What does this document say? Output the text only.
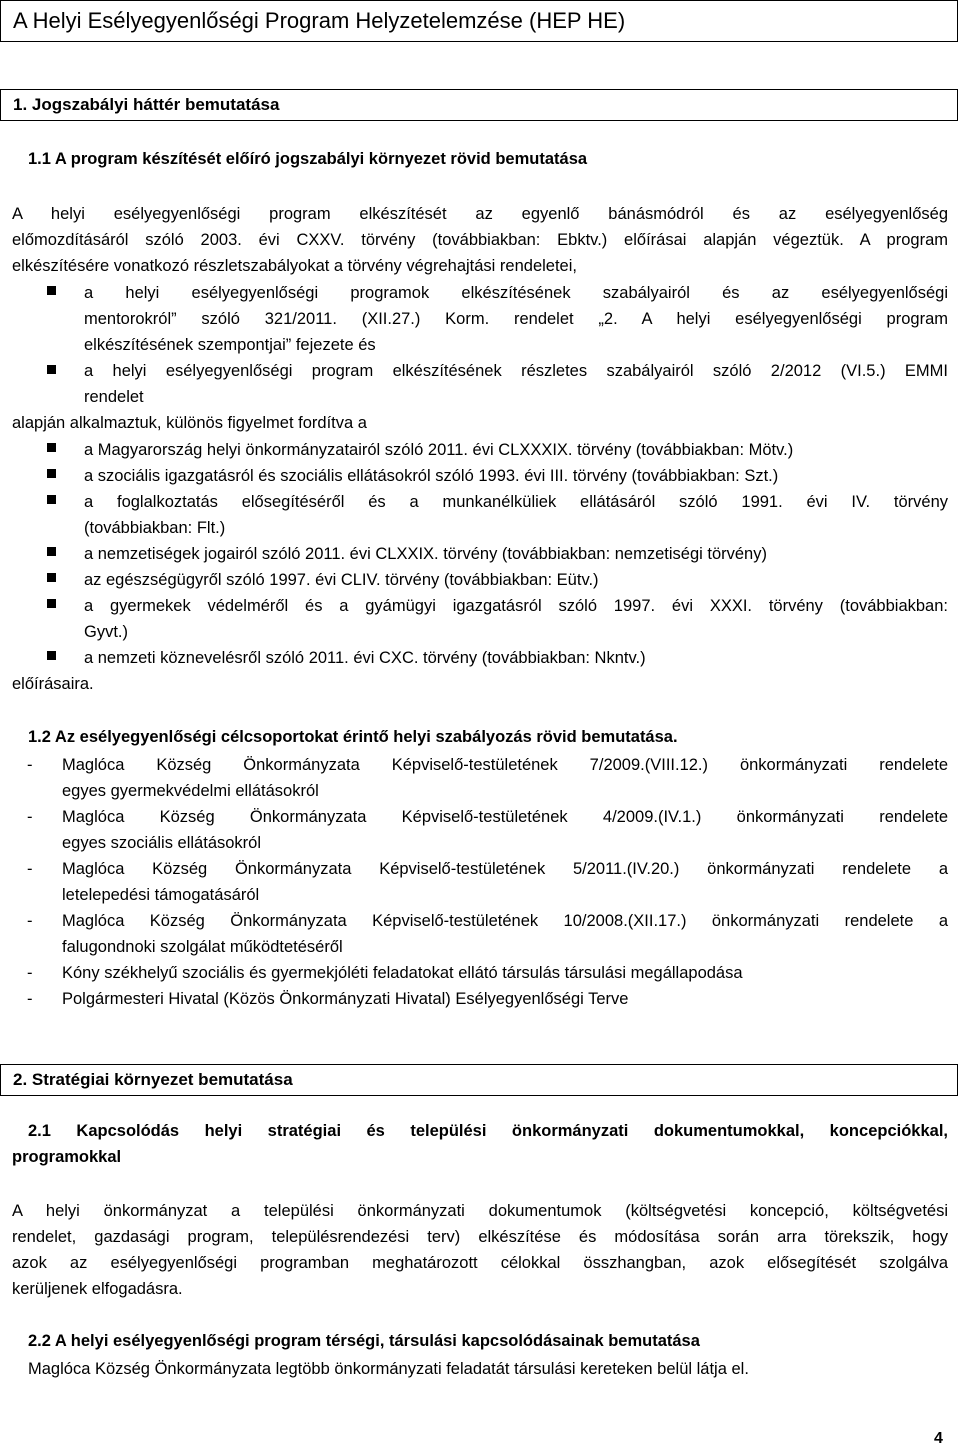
A Helyi Esélyegyenlőségi Program Helyzetelemzése (HEP HE)
1. Jogszabályi háttér bemutatása
1.1 A program készítését előíró jogszabályi környezet rövid bemutatása
A helyi esélyegyenlőségi program elkészítését az egyenlő bánásmódról és az esélyegyenlőség
előmozdításáról szóló 2003. évi CXXV. törvény (továbbiakban: Ebktv.) előírásai alapján végeztük. A program
elkészítésére vonatkozó részletszabályokat a törvény végrehajtási rendeletei,
a helyi esélyegyenlőségi programok elkészítésének szabályairól és az esélyegyenlőségi
mentorokról” szóló 321/2011. (XII.27.) Korm. rendelet „2. A helyi esélyegyenlőségi program
elkészítésének szempontjai” fejezete és
a helyi esélyegyenlőségi program elkészítésének részletes szabályairól szóló 2/2012 (VI.5.) EMMI
rendelet
alapján alkalmaztuk, különös figyelmet fordítva a
a Magyarország helyi önkormányzatairól szóló 2011. évi CLXXXIX. törvény (továbbiakban: Mötv.)
a szociális igazgatásról és szociális ellátásokról szóló 1993. évi III. törvény (továbbiakban: Szt.)
a foglalkoztatás elősegítéséről és a munkanélküliek ellátásáról szóló 1991. évi IV. törvény
(továbbiakban: Flt.)
a nemzetiségek jogairól szóló 2011. évi CLXXIX. törvény (továbbiakban: nemzetiségi törvény)
az egészségügyről szóló 1997. évi CLIV. törvény (továbbiakban: Eütv.)
a gyermekek védelméről és a gyámügyi igazgatásról szóló 1997. évi XXXI. törvény (továbbiakban:
Gyvt.)
a nemzeti köznevelésről szóló 2011. évi CXC. törvény (továbbiakban: Nkntv.)
előírásaira.
1.2 Az esélyegyenlőségi célcsoportokat érintő helyi szabályozás rövid bemutatása.
- Maglóca Község Önkormányzata Képviselő-testületének 7/2009.(VIII.12.) önkormányzati rendelete
egyes gyermekvédelmi ellátásokról
- Maglóca Község Önkormányzata Képviselő-testületének 4/2009.(IV.1.) önkormányzati rendelete
egyes szociális ellátásokról
- Maglóca Község Önkormányzata Képviselő-testületének 5/2011.(IV.20.) önkormányzati rendelete a
letelepedési támogatásáról
- Maglóca Község Önkormányzata Képviselő-testületének 10/2008.(XII.17.) önkormányzati rendelete a
falugondnoki szolgálat működtetéséről
- Kóny székhelyű szociális és gyermekjóléti feladatokat ellátó társulás társulási megállapodása
- Polgármesteri Hivatal (Közös Önkormányzati Hivatal) Esélyegyenlőségi Terve
2. Stratégiai környezet bemutatása
2.1 Kapcsolódás helyi stratégiai és települési önkormányzati dokumentumokkal, koncepciókkal,
programokkal
A helyi önkormányzat a települési önkormányzati dokumentumok (költségvetési koncepció, költségvetési
rendelet, gazdasági program, településrendezési terv) elkészítése és módosítása során arra törekszik, hogy
azok az esélyegyenlőségi programban meghatározott célokkal összhangban, azok elősegítését szolgálva
kerüljenek elfogadásra.
2.2 A helyi esélyegyenlőségi program térségi, társulási kapcsolódásainak bemutatása
Maglóca Község Önkormányzata legtöbb önkormányzati feladatát társulási kereteken belül látja el.
4
